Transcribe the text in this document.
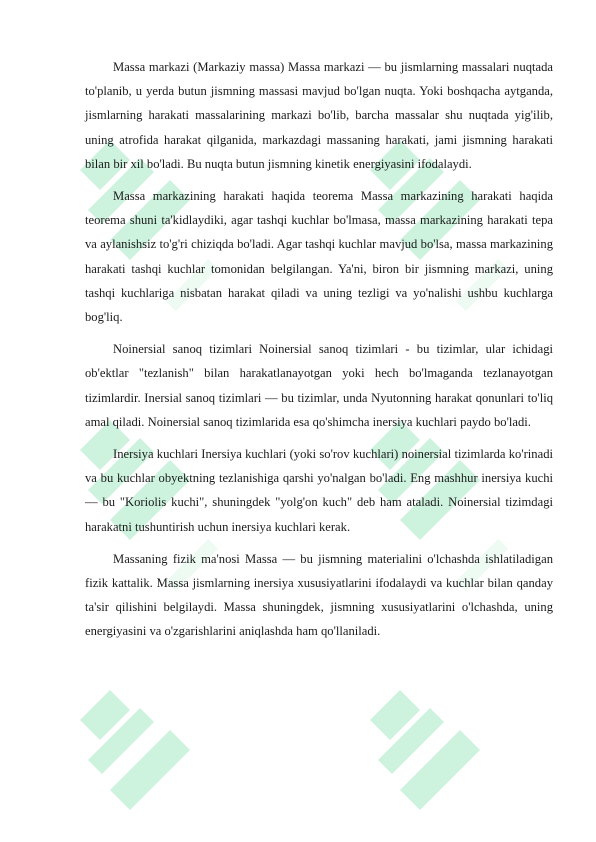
Massa markazi (Markaziy massa) Massa markazi — bu jismlarning massalari nuqtada to'planib, u yerda butun jismning massasi mavjud bo'lgan nuqta. Yoki boshqacha aytganda, jismlarning harakati massalarining markazi bo'lib, barcha massalar shu nuqtada yig'ilib, uning atrofida harakat qilganida, markazdagi massaning harakati, jami jismning harakati bilan bir xil bo'ladi. Bu nuqta butun jismning kinetik energiyasini ifodalaydi.

Massa markazining harakati haqida teorema Massa markazining harakati haqida teorema shuni ta'kidlaydiki, agar tashqi kuchlar bo'lmasa, massa markazining harakati tepa va aylanishsiz to'g'ri chiziqda bo'ladi. Agar tashqi kuchlar mavjud bo'lsa, massa markazining harakati tashqi kuchlar tomonidan belgilangan. Ya'ni, biron bir jismning markazi, uning tashqi kuchlariga nisbatan harakat qiladi va uning tezligi va yo'nalishi ushbu kuchlarga bog'liq.

Noinersial sanoq tizimlari Noinersial sanoq tizimlari - bu tizimlar, ular ichidagi ob'ektlar "tezlanish" bilan harakatlanayotgan yoki hech bo'lmaganda tezlanayotgan tizimlardir. Inersial sanoq tizimlari — bu tizimlar, unda Nyutonning harakat qonunlari to'liq amal qiladi. Noinersial sanoq tizimlarida esa qo'shimcha inersiya kuchlari paydo bo'ladi.

Inersiya kuchlari Inersiya kuchlari (yoki so'rov kuchlari) noinersial tizimlarda ko'rinadi va bu kuchlar obyektning tezlanishiga qarshi yo'nalgan bo'ladi. Eng mashhur inersiya kuchi — bu "Koriolis kuchi", shuningdek "yolg'on kuch" deb ham ataladi. Noinersial tizimdagi harakatni tushuntirish uchun inersiya kuchlari kerak.

Massaning fizik ma'nosi Massa — bu jismning materialini o'lchashda ishlatiladigan fizik kattalik. Massa jismlarning inersiya xususiyatlarini ifodalaydi va kuchlar bilan qanday ta'sir qilishini belgilaydi. Massa shuningdek, jismning xususiyatlarini o'lchashda, uning energiyasini va o'zgarishlarini aniqlashda ham qo'llaniladi.
